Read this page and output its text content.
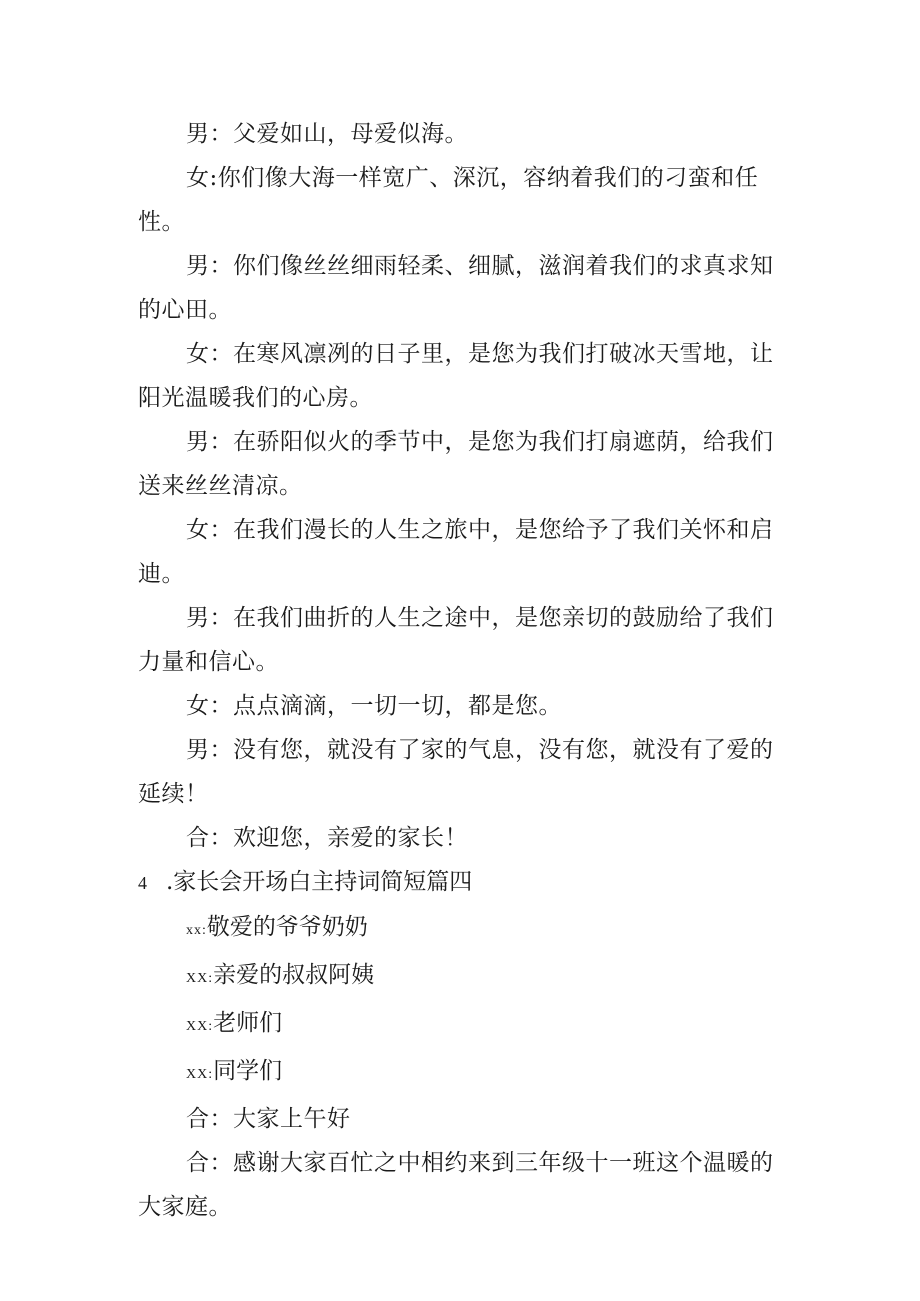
男：父爱如山，母爱似海。

女:你们像大海一样宽广、深沉，容纳着我们的刁蛮和任性。

男：你们像丝丝细雨轻柔、细腻，滋润着我们的求真求知的心田。

女：在寒风凛冽的日子里，是您为我们打破冰天雪地，让阳光温暖我们的心房。

男：在骄阳似火的季节中，是您为我们打扇遮荫，给我们送来丝丝清凉。

女：在我们漫长的人生之旅中，是您给予了我们关怀和启迪。

男：在我们曲折的人生之途中，是您亲切的鼓励给了我们力量和信心。

女：点点滴滴，一切一切，都是您。

男：没有您，就没有了家的气息，没有您，就没有了爱的延续！

合：欢迎您，亲爱的家长！

4 .家长会开场白主持词简短篇四

xx:敬爱的爷爷奶奶

XX:亲爱的叔叔阿姨

XX:老师们

XX:同学们

合：大家上午好

合：感谢大家百忙之中相约来到三年级十一班这个温暖的大家庭。
